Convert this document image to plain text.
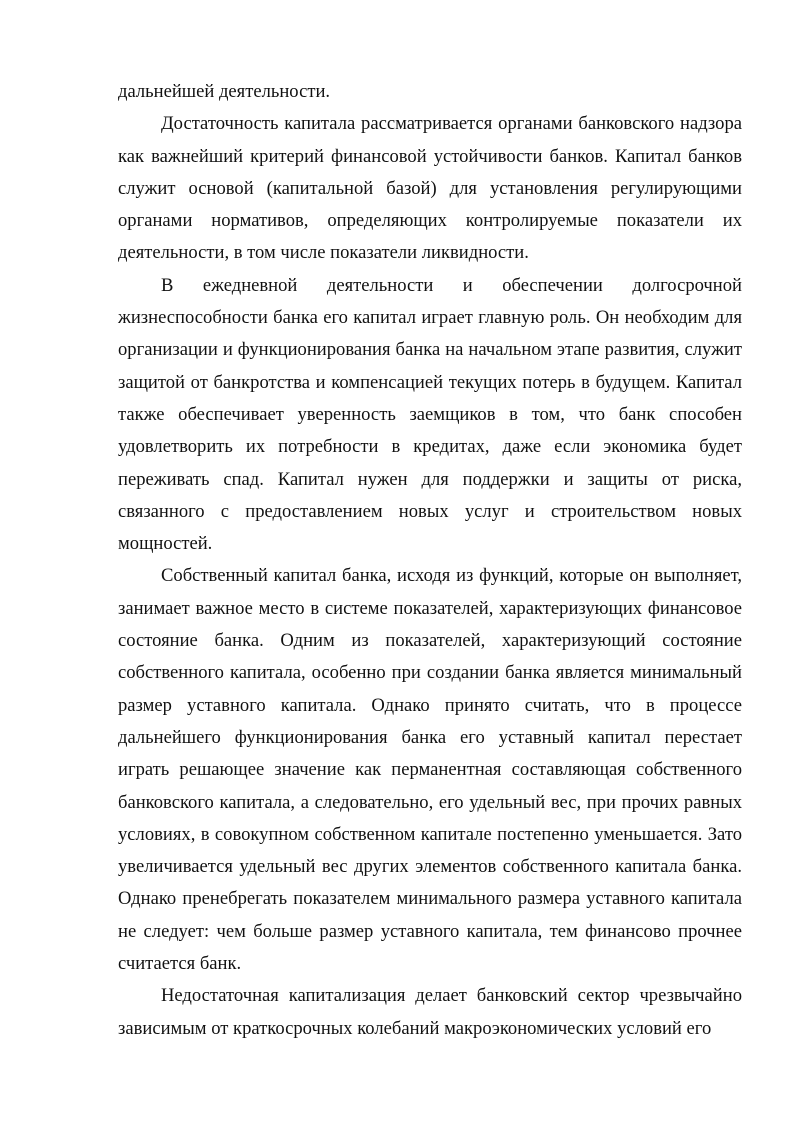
дальнейшей деятельности.

Достаточность капитала рассматривается органами банковского надзора как важнейший критерий финансовой устойчивости банков. Капитал банков служит основой (капитальной базой) для установления регулирующими органами нормативов, определяющих контролируемые показатели их деятельности, в том числе показатели ликвидности.

В ежедневной деятельности и обеспечении долгосрочной жизнеспособности банка его капитал играет главную роль. Он необходим для организации и функционирования банка на начальном этапе развития, служит защитой от банкротства и компенсацией текущих потерь в будущем. Капитал также обеспечивает уверенность заемщиков в том, что банк способен удовлетворить их потребности в кредитах, даже если экономика будет переживать спад. Капитал нужен для поддержки и защиты от риска, связанного с предоставлением новых услуг и строительством новых мощностей.

Собственный капитал банка, исходя из функций, которые он выполняет, занимает важное место в системе показателей, характеризующих финансовое состояние банка. Одним из показателей, характеризующий состояние собственного капитала, особенно при создании банка является минимальный размер уставного капитала. Однако принято считать, что в процессе дальнейшего функционирования банка его уставный капитал перестает играть решающее значение как перманентная составляющая собственного банковского капитала, а следовательно, его удельный вес, при прочих равных условиях, в совокупном собственном капитале постепенно уменьшается. Зато увеличивается удельный вес других элементов собственного капитала банка. Однако пренебрегать показателем минимального размера уставного капитала не следует: чем больше размер уставного капитала, тем финансово прочнее считается банк.

Недостаточная капитализация делает банковский сектор чрезвычайно зависимым от краткосрочных колебаний макроэкономических условий его
